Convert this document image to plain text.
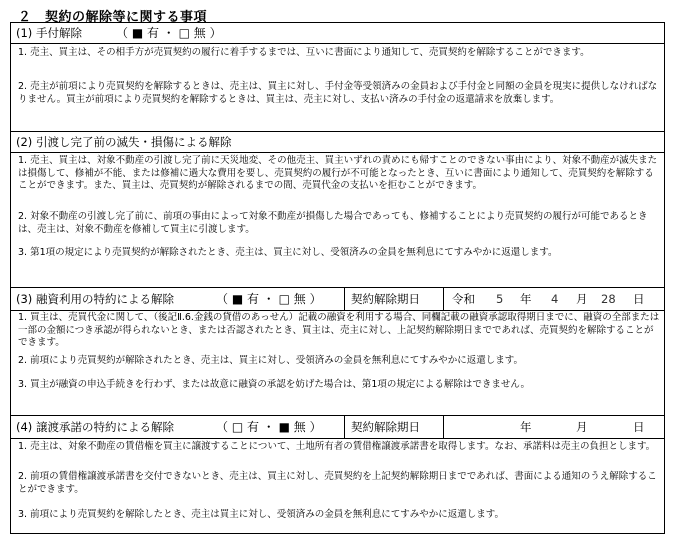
２　契約の解除等に関する事項
(1) 手付解除	（ ■ 有 ・ □ 無 ）
1. 売主、買主は、その相手方が売買契約の履行に着手するまでは、互いに書面により通知して、売買契約を解除することができます。
2. 売主が前項により売買契約を解除するときは、売主は、買主に対し、手付金等受領済みの金員および手付金と同額の金員を現実に提供しなければなりません。買主が前項により売買契約を解除するときは、買主は、売主に対し、支払い済みの手付金の返還請求を放棄します。
(2) 引渡し完了前の滅失・損傷による解除
1. 売主、買主は、対象不動産の引渡し完了前に天災地変、その他売主、買主いずれの責めにも帰すことのできない事由により、対象不動産が滅失または損傷して、修補が不能、または修補に過大な費用を要し、売買契約の履行が不可能となったとき、互いに書面により通知して、売買契約を解除することができます。また、買主は、売買契約が解除されるまでの間、売買代金の支払いを拒むことができます。
2. 対象不動産の引渡し完了前に、前項の事由によって対象不動産が損傷した場合であっても、修補することにより売買契約の履行が可能であるときは、売主は、対象不動産を修補して買主に引渡します。
3. 第1項の規定により売買契約が解除されたとき、売主は、買主に対し、受領済みの金員を無利息にてすみやかに返還します。
(3) 融資利用の特約による解除	（ ■ 有 ・ □ 無 ）	契約解除期日	令和 5 年 4 月 28 日
1. 買主は、売買代金に関して、（後記Ⅱ.6.金銭の貸借のあっせん）記載の融資を利用する場合、同欄記載の融資承認取得期日までに、融資の全部または一部の金額につき承認が得られないとき、または否認されたとき、買主は、売主に対し、上記契約解除期日までであれば、売買契約を解除することができます。
2. 前項により売買契約が解除されたとき、売主は、買主に対し、受領済みの金員を無利息にてすみやかに返還します。
3. 買主が融資の申込手続きを行わず、または故意に融資の承認を妨げた場合は、第1項の規定による解除はできません。
(4) 譲渡承諾の特約による解除	（ □ 有 ・ ■ 無 ）	契約解除期日	年	月	日
1. 売主は、対象不動産の賃借権を買主に譲渡することについて、土地所有者の賃借権譲渡承諾書を取得します。なお、承諾料は売主の負担とします。
2. 前項の賃借権譲渡承諾書を交付できないとき、売主は、買主に対し、売買契約を上記契約解除期日までであれば、書面による通知のうえ解除することができます。
3. 前項により売買契約を解除したとき、売主は買主に対し、受領済みの金員を無利息にてすみやかに返還します。
